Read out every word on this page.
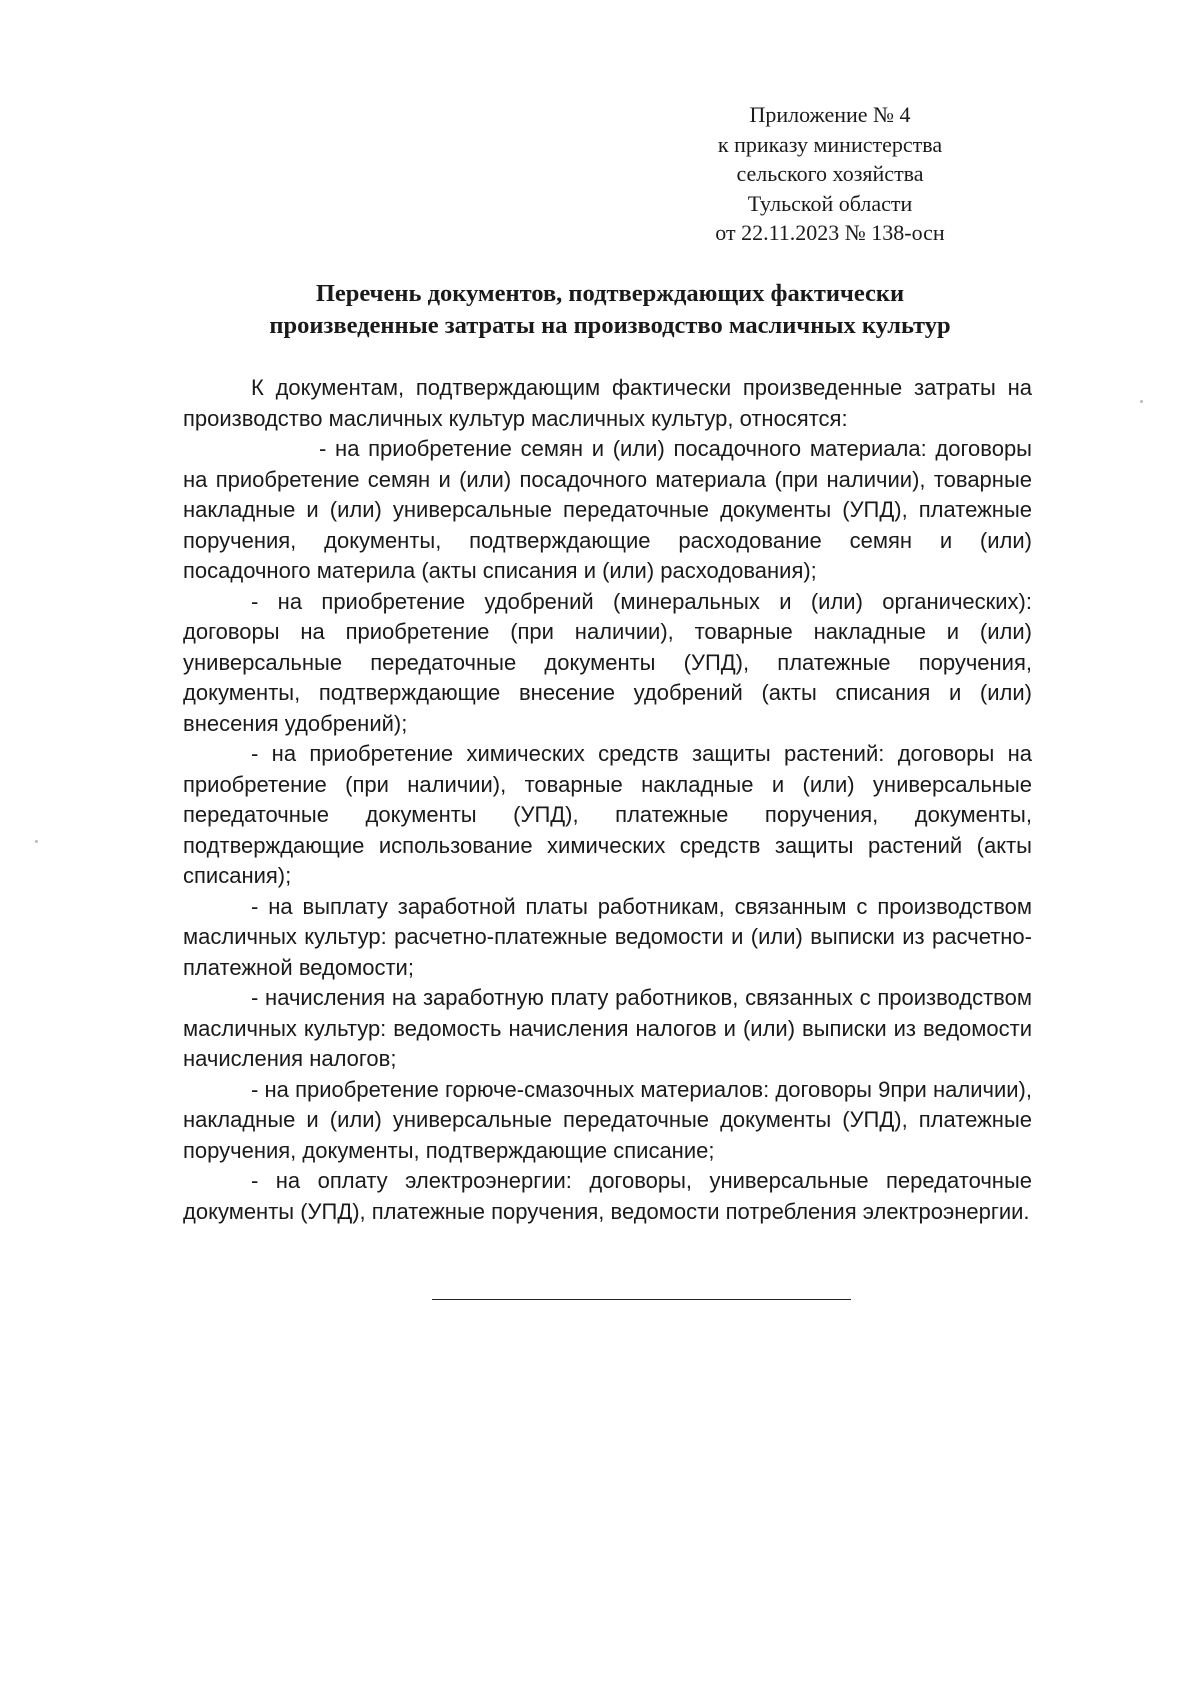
Приложение № 4
к приказу министерства
сельского хозяйства
Тульской области
от 22.11.2023 № 138-осн
Перечень документов, подтверждающих фактически
произведенные затраты на производство масличных культур

К документам, подтверждающим фактически произведенные затраты на производство масличных культур масличных культур, относятся:

- на приобретение семян и (или) посадочного материала: договоры на приобретение семян и (или) посадочного материала (при наличии), товарные накладные и (или) универсальные передаточные документы (УПД), платежные поручения, документы, подтверждающие расходование семян и (или) посадочного материла (акты списания и (или) расходования);

- на приобретение удобрений (минеральных и (или) органических): договоры на приобретение (при наличии), товарные накладные и (или) универсальные передаточные документы (УПД), платежные поручения, документы, подтверждающие внесение удобрений (акты списания и (или) внесения удобрений);

- на приобретение химических средств защиты растений: договоры на приобретение (при наличии), товарные накладные и (или) универсальные передаточные документы (УПД), платежные поручения, документы, подтверждающие использование химических средств защиты растений (акты списания);

- на выплату заработной платы работникам, связанным с производством масличных культур: расчетно-платежные ведомости и (или) выписки из расчетно-платежной ведомости;

- начисления на заработную плату работников, связанных с производством масличных культур: ведомость начисления налогов и (или) выписки из ведомости начисления налогов;

- на приобретение горюче-смазочных материалов: договоры 9при наличии), накладные и (или) универсальные передаточные документы (УПД), платежные поручения, документы, подтверждающие списание;

- на оплату электроэнергии: договоры, универсальные передаточные документы (УПД), платежные поручения, ведомости потребления электроэнергии.
